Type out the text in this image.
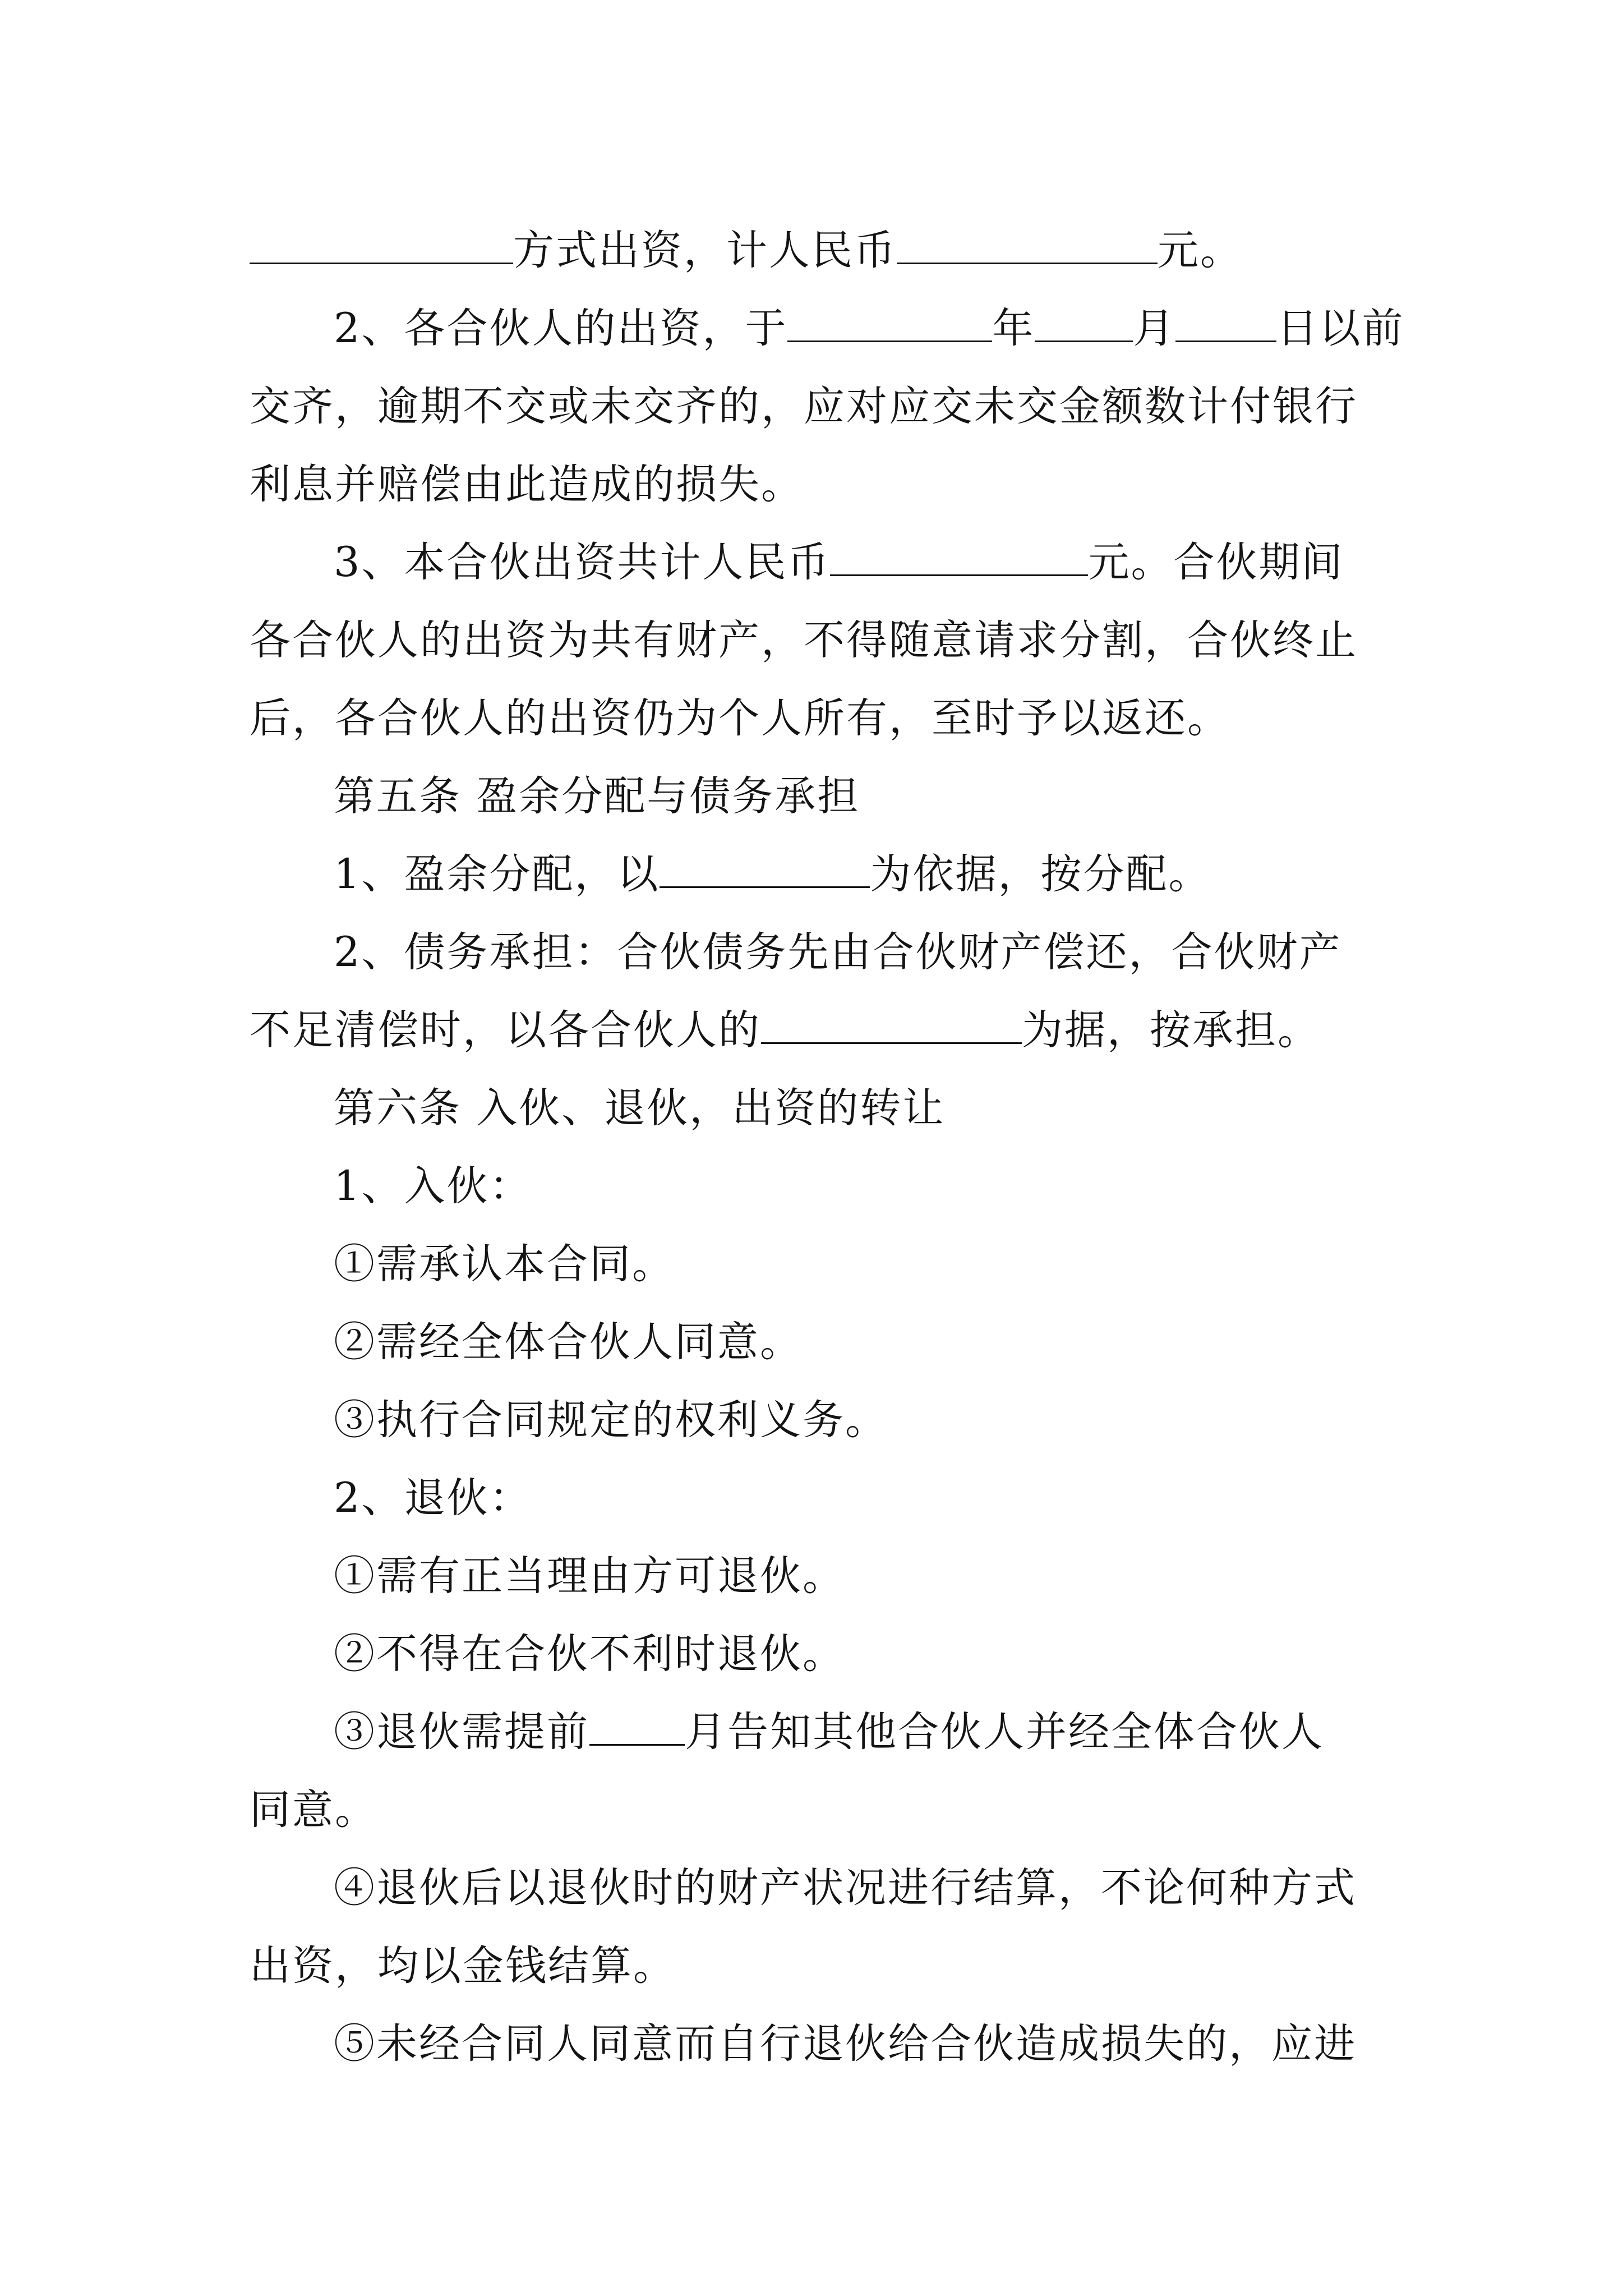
方式出资，计人民币	元。
2、各合伙人的出资，于	年 月 日以前
交齐，逾期不交或未交齐的，应对应交未交金额数计付银行
利息并赔偿由此造成的损失。
3、本合伙出资共计人民币	元。合伙期间
各合伙人的出资为共有财产，不得随意请求分割，合伙终止
后，各合伙人的出资仍为个人所有，至时予以返还。
第五条 盈余分配与债务承担
1、盈余分配，以	为依据，按分配。
2、债务承担：合伙债务先由合伙财产偿还，合伙财产
不足清偿时，以各合伙人的	为据，按承担。
第六条 入伙、退伙，出资的转让
1、入伙：
①需承认本合同。
②需经全体合伙人同意。
③执行合同规定的权利义务。
2、退伙：
①需有正当理由方可退伙。
②不得在合伙不利时退伙。
③退伙需提前 月告知其他合伙人并经全体合伙人
同意。
④退伙后以退伙时的财产状况进行结算，不论何种方式
出资，均以金钱结算。
⑤未经合同人同意而自行退伙给合伙造成损失的，应进
